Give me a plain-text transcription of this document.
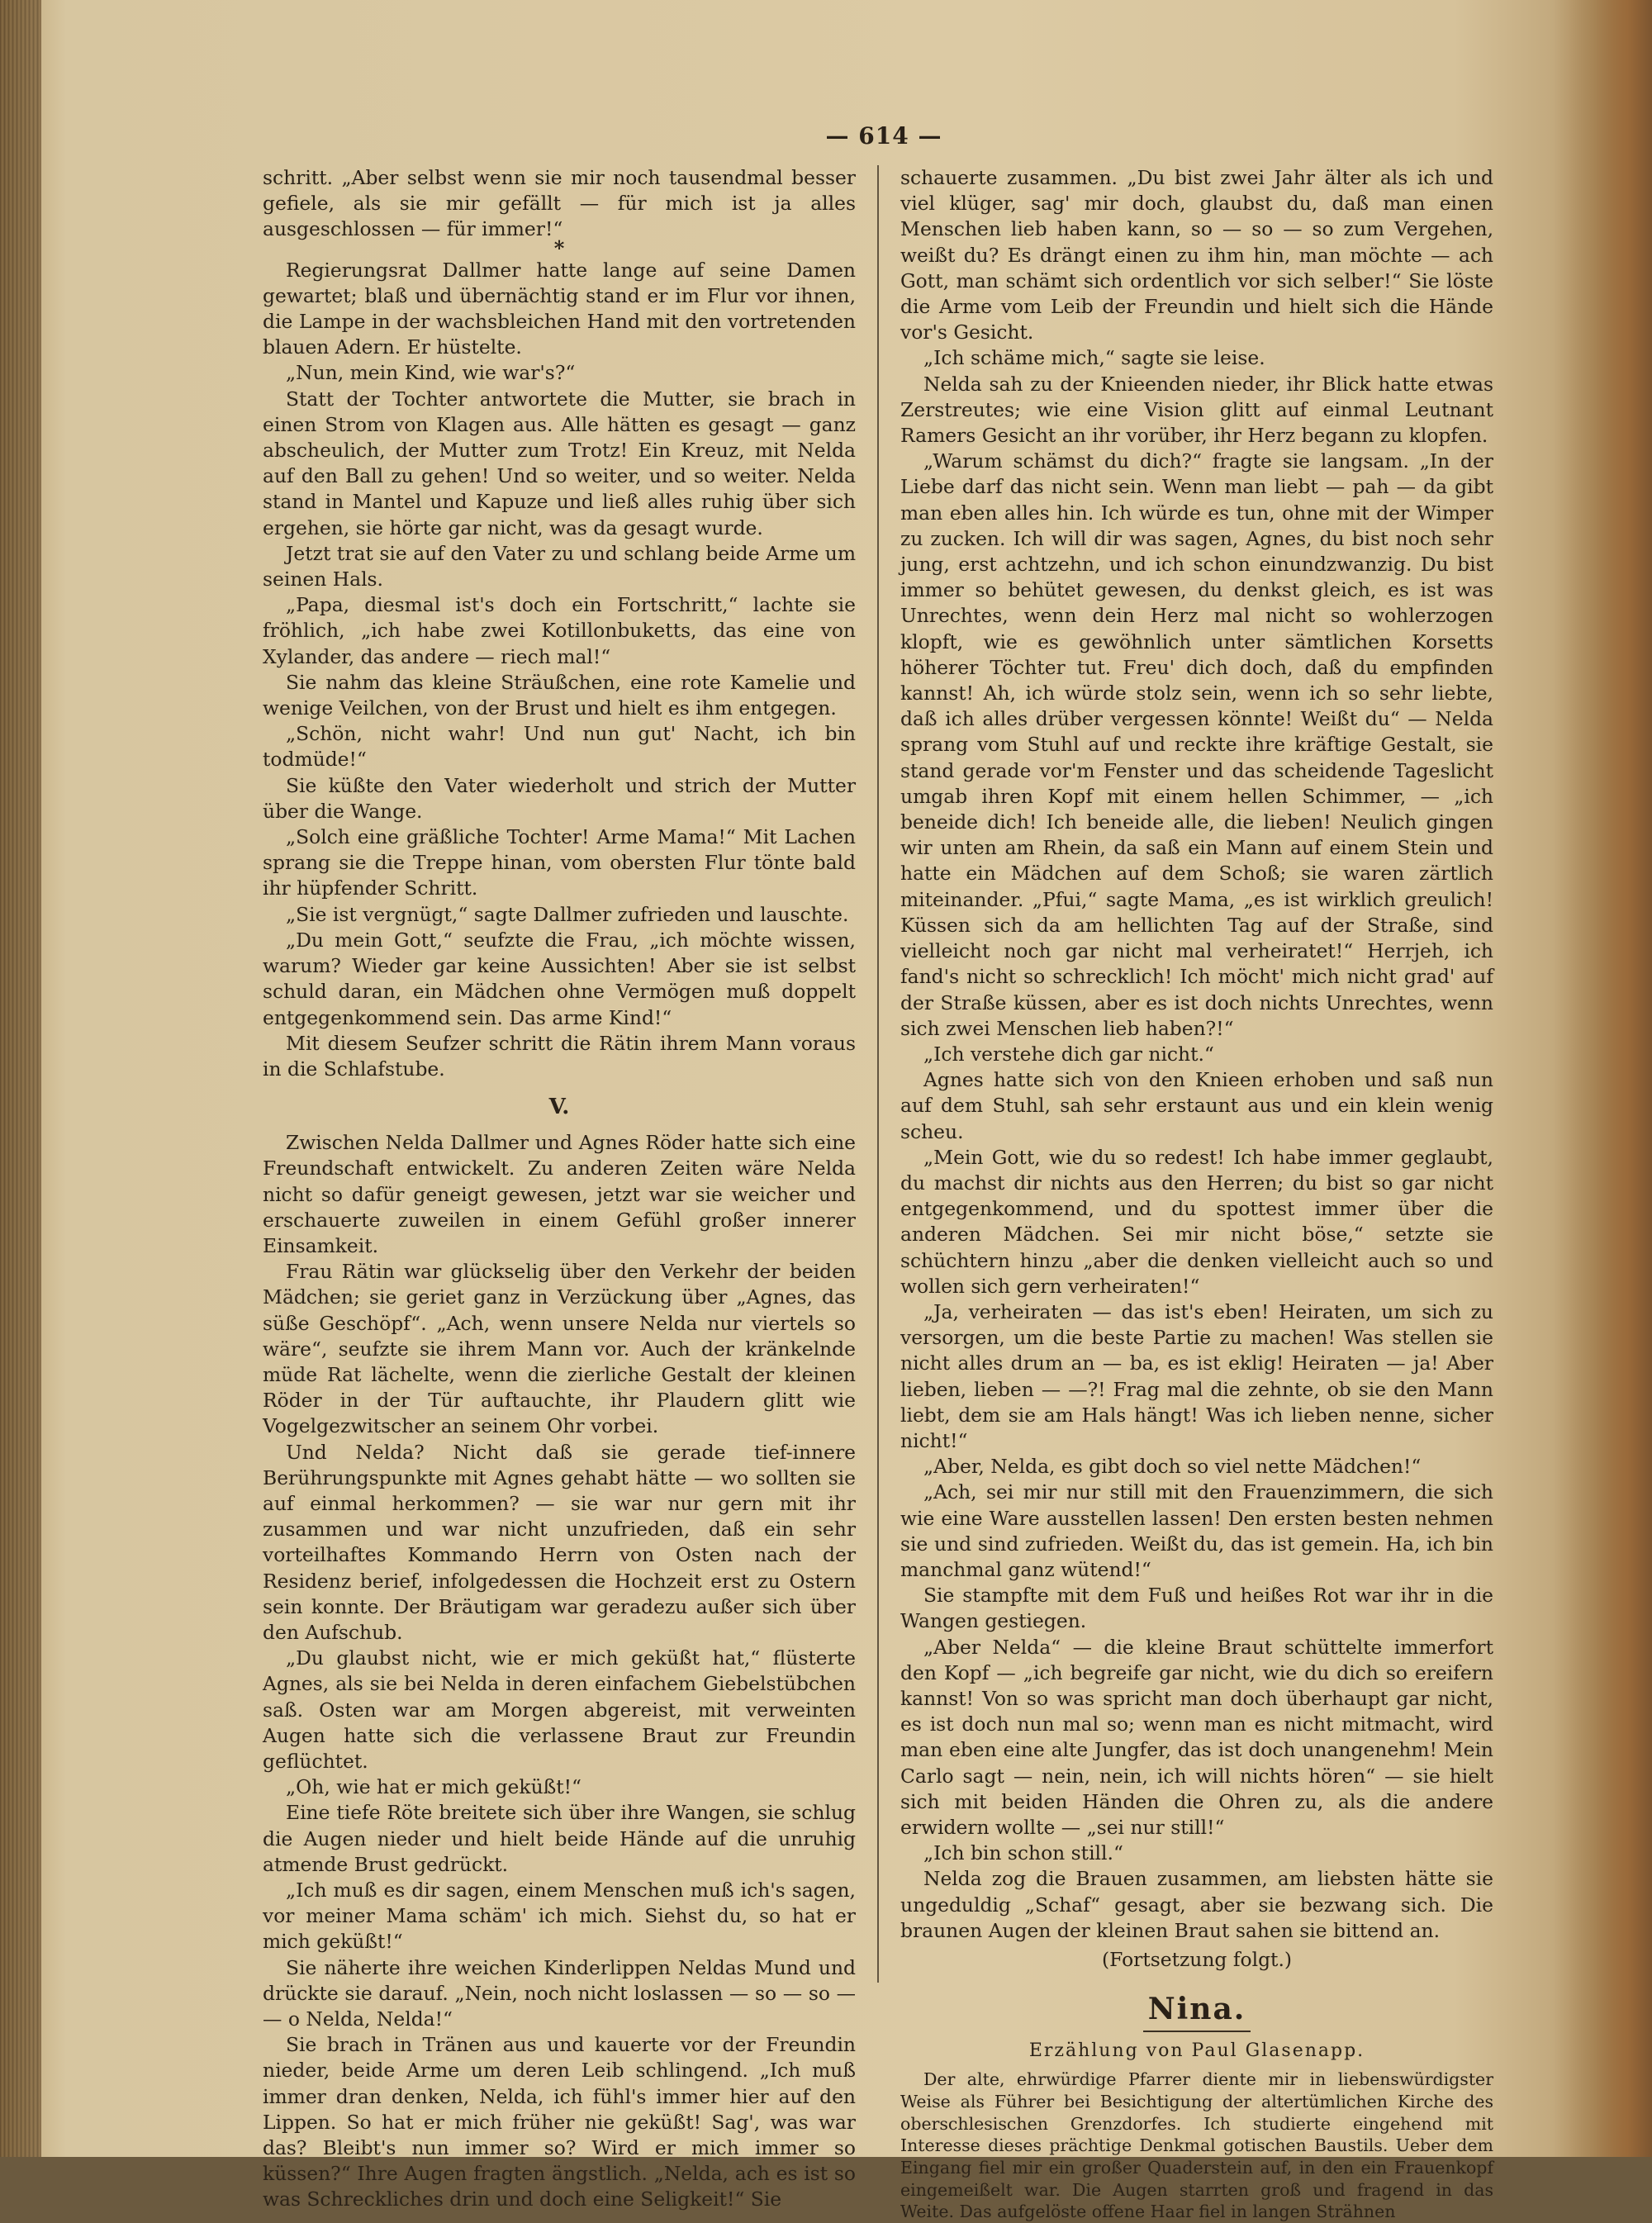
— 614 —

schritt. „Aber selbst wenn sie mir noch tausendmal besser gefiele, als sie mir gefällt — für mich ist ja alles ausgeschlossen — für immer!“

*

Regierungsrat Dallmer hatte lange auf seine Damen gewartet; blaß und übernächtig stand er im Flur vor ihnen, die Lampe in der wachsbleichen Hand mit den vortretenden blauen Adern. Er hüstelte.

„Nun, mein Kind, wie war's?“

Statt der Tochter antwortete die Mutter, sie brach in einen Strom von Klagen aus. Alle hätten es gesagt — ganz abscheulich, der Mutter zum Trotz! Ein Kreuz, mit Nelda auf den Ball zu gehen! Und so weiter, und so weiter. Nelda stand in Mantel und Kapuze und ließ alles ruhig über sich ergehen, sie hörte gar nicht, was da gesagt wurde.

Jetzt trat sie auf den Vater zu und schlang beide Arme um seinen Hals.

„Papa, diesmal ist's doch ein Fortschritt,“ lachte sie fröhlich, „ich habe zwei Kotillonbuketts, das eine von Xylander, das andere — riech mal!“

Sie nahm das kleine Sträußchen, eine rote Kamelie und wenige Veilchen, von der Brust und hielt es ihm entgegen.

„Schön, nicht wahr! Und nun gut' Nacht, ich bin todmüde!“

Sie küßte den Vater wiederholt und strich der Mutter über die Wange.

„Solch eine gräßliche Tochter! Arme Mama!“ Mit Lachen sprang sie die Treppe hinan, vom obersten Flur tönte bald ihr hüpfender Schritt.

„Sie ist vergnügt,“ sagte Dallmer zufrieden und lauschte.

„Du mein Gott,“ seufzte die Frau, „ich möchte wissen, warum? Wieder gar keine Aussichten! Aber sie ist selbst schuld daran, ein Mädchen ohne Vermögen muß doppelt entgegenkommend sein. Das arme Kind!“

Mit diesem Seufzer schritt die Rätin ihrem Mann voraus in die Schlafstube.

V.

Zwischen Nelda Dallmer und Agnes Röder hatte sich eine Freundschaft entwickelt. Zu anderen Zeiten wäre Nelda nicht so dafür geneigt gewesen, jetzt war sie weicher und erschauerte zuweilen in einem Gefühl großer innerer Einsamkeit.

Frau Rätin war glückselig über den Verkehr der beiden Mädchen; sie geriet ganz in Verzückung über „Agnes, das süße Geschöpf“. „Ach, wenn unsere Nelda nur viertels so wäre“, seufzte sie ihrem Mann vor. Auch der kränkelnde müde Rat lächelte, wenn die zierliche Gestalt der kleinen Röder in der Tür auftauchte, ihr Plaudern glitt wie Vogelgezwitscher an seinem Ohr vorbei.

Und Nelda? Nicht daß sie gerade tief-innere Berührungspunkte mit Agnes gehabt hätte — wo sollten sie auf einmal herkommen? — sie war nur gern mit ihr zusammen und war nicht unzufrieden, daß ein sehr vorteilhaftes Kommando Herrn von Osten nach der Residenz berief, infolgedessen die Hochzeit erst zu Ostern sein konnte. Der Bräutigam war geradezu außer sich über den Aufschub.

„Du glaubst nicht, wie er mich geküßt hat,“ flüsterte Agnes, als sie bei Nelda in deren einfachem Giebelstübchen saß. Osten war am Morgen abgereist, mit verweinten Augen hatte sich die verlassene Braut zur Freundin geflüchtet.

„Oh, wie hat er mich geküßt!“

Eine tiefe Röte breitete sich über ihre Wangen, sie schlug die Augen nieder und hielt beide Hände auf die unruhig atmende Brust gedrückt.

„Ich muß es dir sagen, einem Menschen muß ich's sagen, vor meiner Mama schäm' ich mich. Siehst du, so hat er mich geküßt!“

Sie näherte ihre weichen Kinderlippen Neldas Mund und drückte sie darauf. „Nein, noch nicht loslassen — so — so — — o Nelda, Nelda!“

Sie brach in Tränen aus und kauerte vor der Freundin nieder, beide Arme um deren Leib schlingend. „Ich muß immer dran denken, Nelda, ich fühl's immer hier auf den Lippen. So hat er mich früher nie geküßt! Sag', was war das? Bleibt's nun immer so? Wird er mich immer so küssen?“ Ihre Augen fragten ängstlich. „Nelda, ach es ist so was Schreckliches drin und doch eine Seligkeit!“ Sie

schauerte zusammen. „Du bist zwei Jahr älter als ich und viel klüger, sag' mir doch, glaubst du, daß man einen Menschen lieb haben kann, so — so — so zum Vergehen, weißt du? Es drängt einen zu ihm hin, man möchte — ach Gott, man schämt sich ordentlich vor sich selber!“ Sie löste die Arme vom Leib der Freundin und hielt sich die Hände vor's Gesicht.

„Ich schäme mich,“ sagte sie leise.

Nelda sah zu der Knieenden nieder, ihr Blick hatte etwas Zerstreutes; wie eine Vision glitt auf einmal Leutnant Ramers Gesicht an ihr vorüber, ihr Herz begann zu klopfen.

„Warum schämst du dich?“ fragte sie langsam. „In der Liebe darf das nicht sein. Wenn man liebt — pah — da gibt man eben alles hin. Ich würde es tun, ohne mit der Wimper zu zucken. Ich will dir was sagen, Agnes, du bist noch sehr jung, erst achtzehn, und ich schon einundzwanzig. Du bist immer so behütet gewesen, du denkst gleich, es ist was Unrechtes, wenn dein Herz mal nicht so wohlerzogen klopft, wie es gewöhnlich unter sämtlichen Korsetts höherer Töchter tut. Freu' dich doch, daß du empfinden kannst! Ah, ich würde stolz sein, wenn ich so sehr liebte, daß ich alles drüber vergessen könnte! Weißt du“ — Nelda sprang vom Stuhl auf und reckte ihre kräftige Gestalt, sie stand gerade vor'm Fenster und das scheidende Tageslicht umgab ihren Kopf mit einem hellen Schimmer, — „ich beneide dich! Ich beneide alle, die lieben! Neulich gingen wir unten am Rhein, da saß ein Mann auf einem Stein und hatte ein Mädchen auf dem Schoß; sie waren zärtlich miteinander. „Pfui,“ sagte Mama, „es ist wirklich greulich! Küssen sich da am hellichten Tag auf der Straße, sind vielleicht noch gar nicht mal verheiratet!“ Herrjeh, ich fand's nicht so schrecklich! Ich möcht' mich nicht grad' auf der Straße küssen, aber es ist doch nichts Unrechtes, wenn sich zwei Menschen lieb haben?!“

„Ich verstehe dich gar nicht.“

Agnes hatte sich von den Knieen erhoben und saß nun auf dem Stuhl, sah sehr erstaunt aus und ein klein wenig scheu.

„Mein Gott, wie du so redest! Ich habe immer geglaubt, du machst dir nichts aus den Herren; du bist so gar nicht entgegenkommend, und du spottest immer über die anderen Mädchen. Sei mir nicht böse,“ setzte sie schüchtern hinzu „aber die denken vielleicht auch so und wollen sich gern verheiraten!“

„Ja, verheiraten — das ist's eben! Heiraten, um sich zu versorgen, um die beste Partie zu machen! Was stellen sie nicht alles drum an — ba, es ist eklig! Heiraten — ja! Aber lieben, lieben — —?! Frag mal die zehnte, ob sie den Mann liebt, dem sie am Hals hängt! Was ich lieben nenne, sicher nicht!“

„Aber, Nelda, es gibt doch so viel nette Mädchen!“

„Ach, sei mir nur still mit den Frauenzimmern, die sich wie eine Ware ausstellen lassen! Den ersten besten nehmen sie und sind zufrieden. Weißt du, das ist gemein. Ha, ich bin manchmal ganz wütend!“

Sie stampfte mit dem Fuß und heißes Rot war ihr in die Wangen gestiegen.

„Aber Nelda“ — die kleine Braut schüttelte immerfort den Kopf — „ich begreife gar nicht, wie du dich so ereifern kannst! Von so was spricht man doch überhaupt gar nicht, es ist doch nun mal so; wenn man es nicht mitmacht, wird man eben eine alte Jungfer, das ist doch unangenehm! Mein Carlo sagt — nein, nein, ich will nichts hören“ — sie hielt sich mit beiden Händen die Ohren zu, als die andere erwidern wollte — „sei nur still!“

„Ich bin schon still.“

Nelda zog die Brauen zusammen, am liebsten hätte sie ungeduldig „Schaf“ gesagt, aber sie bezwang sich. Die braunen Augen der kleinen Braut sahen sie bittend an.

(Fortsetzung folgt.)

Nina.
Erzählung von Paul Glasenapp.

Der alte, ehrwürdige Pfarrer diente mir in liebenswürdigster Weise als Führer bei Besichtigung der altertümlichen Kirche des oberschlesischen Grenzdorfes. Ich studierte eingehend mit Interesse dieses prächtige Denkmal gotischen Baustils. Ueber dem Eingang fiel mir ein großer Quaderstein auf, in den ein Frauenkopf eingemeißelt war. Die Augen starrten groß und fragend in das Weite. Das aufgelöste offene Haar fiel in langen Strähnen
